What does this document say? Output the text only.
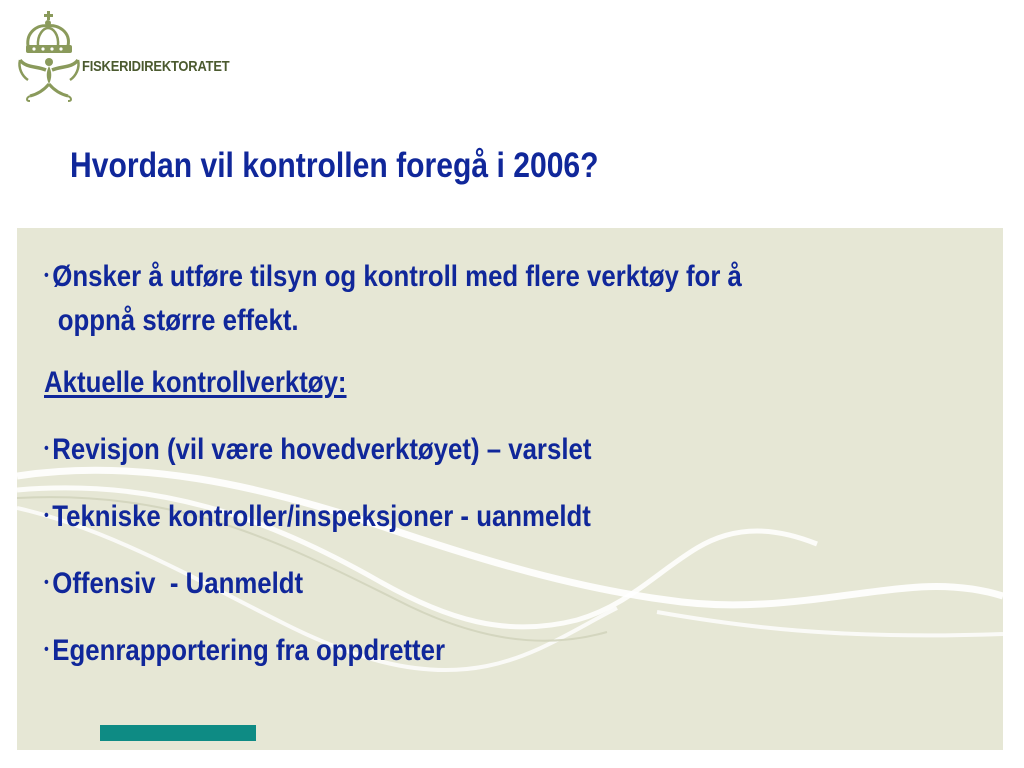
FISKERIDIREKTORATET
Hvordan vil kontrollen foregå i 2006?
• Ønsker å utføre tilsyn og kontroll med flere verktøy for å
oppnå større effekt.
Aktuelle kontrollverktøy:
• Revisjon (vil være hovedverktøyet) – varslet
• Tekniske kontroller/inspeksjoner - uanmeldt
• Offensiv  - Uanmeldt
• Egenrapportering fra oppdretter
